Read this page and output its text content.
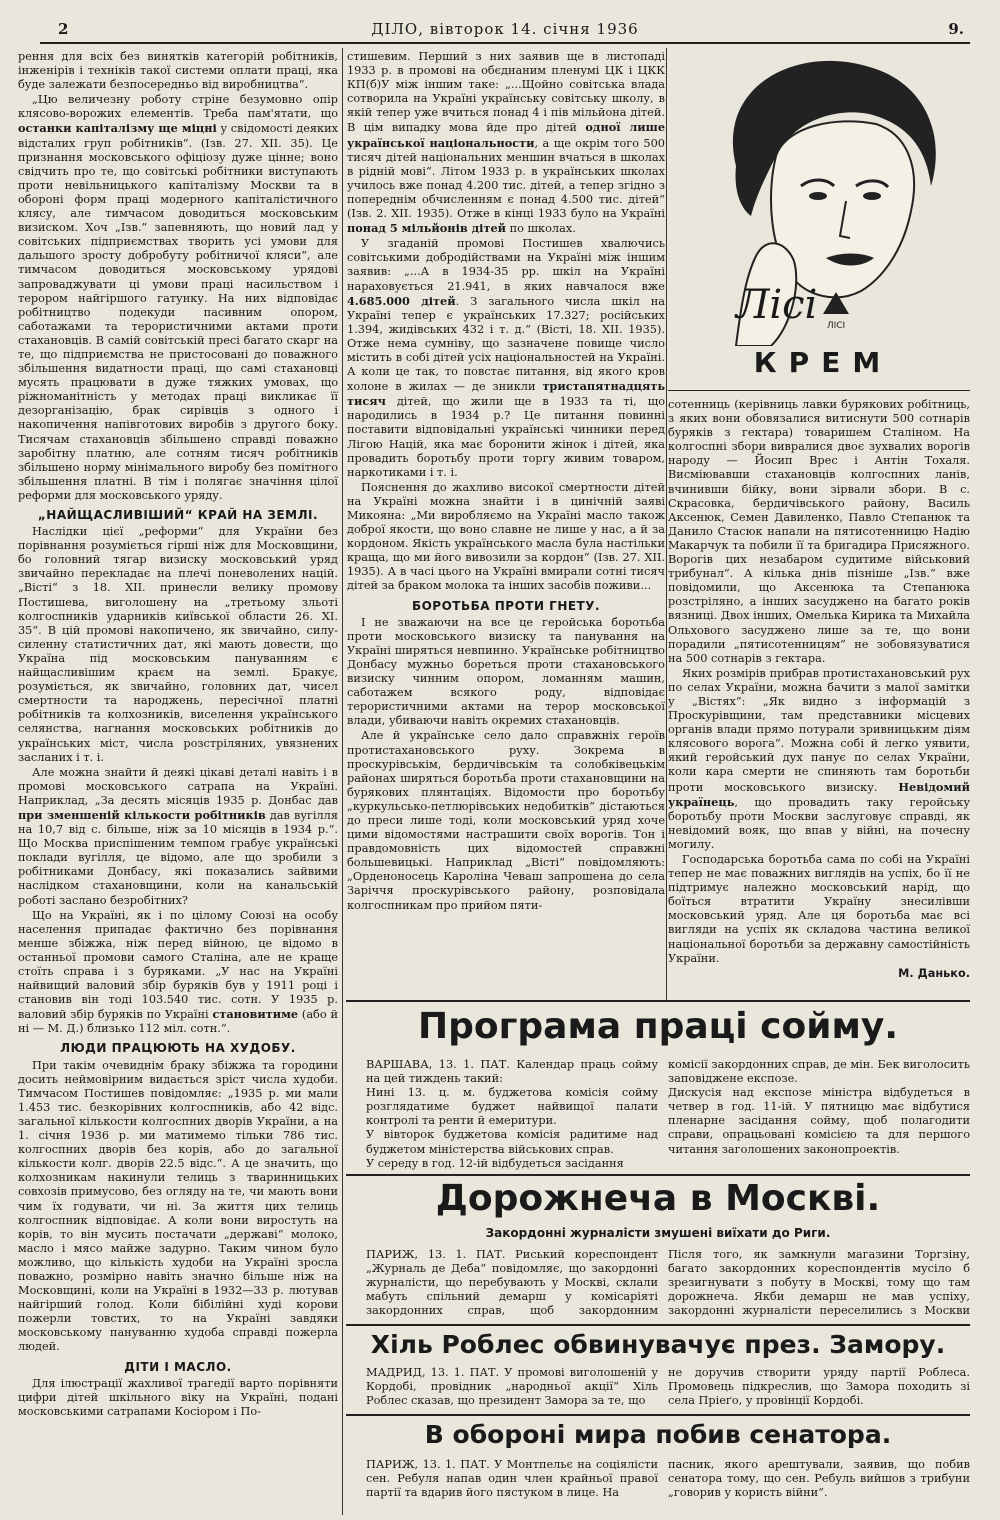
2	ДІЛО, вівторок 14. січня 1936	9.

рення для всіх без винятків категорій робітників, інженірів і техніків такої системи оплати праці, яка буде залежати безпосередньо від виробництва“.

„Цю величезну роботу стріне безумовно опір клясово-ворожих елементів. Треба пам'ятати, що останки капіталізму ще міцні у свідомості деяких відсталих груп робітників“. (Ізв. 27. XII. 35). Це признання московського офіціозу дуже цінне; воно свідчить про те, що совітські робітники виступають проти невільницького капіталізму Москви та в обороні форм праці модерного капіталістичного клясу, але тимчасом доводиться московським визиском. Хоч „Ізв.“ запевняють, що новий лад у совітських підприємствах творить усі умови для дальшого зросту добробуту робітничої кляси“, але тимчасом доводиться московському урядові запроваджувати ці умови праці насильством і терором найгіршого гатунку. На них відповідає робітництво подекуди пасивним опором, саботажами та терористичними актами проти стахановців. В самій совітській пресі багато скарг на те, що підприємства не пристосовані до поважного збільшення видатности праці, що самі стахановці мусять працювати в дуже тяжких умовах, що ріжноманітність у методах праці викликає її дезорганізацію, брак сирівців з одного і накопичення напівготових виробів з другого боку. Тисячам стахановців збільшено справді поважно заробітну платню, але сотням тисяч робітників збільшено норму мінімального виробу без помітного збільшення платні. В тім і полягає значіння цілої реформи для московського уряду.

„НАЙЩАСЛИВІШИЙ“ КРАЙ НА ЗЕМЛІ.

Наслідки цієї „реформи“ для України без порівнання розуміється гірші ніж для Московщини, бо головний тягар визиску московський уряд звичайно перекладає на плечі поневолених націй. „Вісті“ з 18. XII. принесли велику промову Постишева, виголошену на „третьому зльоті колгоспників ударників київської области 26. XI. 35“. В цій промові накопичено, як звичайно, силу-силенну статистичних дат, які мають довести, що Україна під московським пануванням є найщасливішим краєм на землі. Бракує, розуміється, як звичайно, головних дат, чисел смертности та народжень, пересічної платні робітників та колхозників, виселення українського селянства, нагнання московських робітників до українських міст, числа розстріляних, увязнених засланих і т. і.

Але можна знайти й деякі цікаві деталі навіть і в промові московського сатрапа на Україні. Наприклад, „За десять місяців 1935 р. Донбас дав при зменшеній кількости робітників дав вугілля на 10,7 від с. більше, ніж за 10 місяців в 1934 р.“. Що Москва приспішеним темпом грабує українські поклади вугілля, це відомо, але що зробили з робітниками Донбасу, які показались зайвими наслідком стахановщини, коли на канальській роботі заслано безробітних?

Що на Україні, як і по цілому Союзі на особу населення припадає фактично без порівнання менше збіжжа, ніж перед війною, це відомо в останньої промови самого Сталіна, але не краще стоїть справа і з буряками. „У нас на Україні найвищий валовий збір буряків був у 1911 році і становив він тоді 103.540 тис. сотн. У 1935 р. валовий збір буряків по Україні становитиме (або й ні — М. Д.) близько 112 міл. сотн.“.

ЛЮДИ ПРАЦЮЮТЬ НА ХУДОБУ.

При такім очевиднім браку збіжжа та городини досить неймовірним видається зріст числа худоби. Тимчасом Постишев повідомляє: „1935 р. ми мали 1.453 тис. безкорівних колгоспників, або 42 відс. загальної кількости колгоспних дворів України, а на 1. січня 1936 р. ми матимемо тільки 786 тис. колгоспних дворів без корів, або до загальної кількости колг. дворів 22.5 відс.“. А це значить, що колхозникам накинули телиць з тваринницьких совхозів примусово, без огляду на те, чи мають вони чим їх годувати, чи ні. За життя цих телиць колгоспник відповідає. А коли вони виростуть на корів, то він мусить постачати „державі“ молоко, масло і мясо майже задурно. Таким чином було можливо, що кількість худоби на Україні зросла поважно, розмірно навіть значно більше ніж на Московщині, коли на Україні в 1932—33 р. лютував найгірший голод. Коли бібілійні худі корови пожерли товстих, то на Україні завдяки московському пануванню худоба справді пожерла людей.

ДІТИ І МАСЛО.

Для ілюстрації жахливої трагедії варто порівняти цифри дітей шкільного віку на Україні, подані московськими сатрапами Косіором і По-

стишевим. Перший з них заявив ще в листопаді 1933 р. в промові на обєднаним пленумі ЦК і ЦКК КП(б)У між іншим таке: „...Щойно совітська влада сотворила на Україні українську совітську школу, в якій тепер уже вчиться понад 4 і пів мільйона дітей. В цім випадку мова йде про дітей одної лише української національности, а ще окрім того 500 тисяч дітей національних меншин вчаться в школах в рідній мові“. Літом 1933 р. в українських школах училось вже понад 4.200 тис. дітей, а тепер згідно з попереднім обчисленням є понад 4.500 тис. дітей“ (Ізв. 2. XII. 1935). Отже в кінці 1933 було на Україні понад 5 мільйонів дітей по школах.

У згаданій промові Постишев хвалючись совітськими добродійствами на Україні між іншим заявив: „...А в 1934-35 рр. шкіл на Україні нараховується 21.941, в яких навчалося вже 4.685.000 дітей. З загального числа шкіл на Україні тепер є українських 17.327; російських 1.394, жидівських 432 і т. д.“ (Вісті, 18. XII. 1935). Отже нема сумніву, що зазначене повище число містить в собі дітей усіх національностей на Україні. А коли це так, то повстає питання, від якого кров холоне в жилах — де зникли тристапятнадцять тисяч дітей, що жили ще в 1933 та ті, що народились в 1934 р.? Це питання повинні поставити відповідальні українські чинники перед Лігою Націй, яка має боронити жінок і дітей, яка провадить боротьбу проти торгу живим товаром, наркотиками і т. і.

Пояснення до жахливо високої смертности дітей на Україні можна знайти і в цинічній заяві Микояна: „Ми виробляємо на Україні масло також доброї якости, що воно славне не лише у нас, а й за кордоном. Якість українського масла була настільки краща, що ми його вивозили за кордон“ (Ізв. 27. XII. 1935). А в часі цього на Україні вмирали сотні тисяч дітей за браком молока та інших засобів поживи...

БОРОТЬБА ПРОТИ ГНЕТУ.

І не зважаючи на все це геройська боротьба проти московського визиску та панування на Україні ширяться невпинно. Українське робітництво Донбасу мужньо бореться проти стахановського визиску чинним опором, ломанням машин, саботажем всякого роду, відповідає терористичними актами на терор московської влади, убиваючи навіть окремих стахановців.

Але й українське село дало справжніх героїв протистахановського руху. Зокрема в проскурівськім, бердичівськім та солобківецькім районах ширяться боротьба проти стахановщини на бурякових плянтаціях. Відомости про боротьбу „куркульсько-петлюрівських недобитків“ дістаються до преси лише тоді, коли московський уряд хоче цими відомостями настрашити своїх ворогів. Тон і правдомовність цих відомостей справжні большевицькі. Наприклад „Вісті“ повідомляють: „Орденоносець Кароліна Чеваш запрошена до села Заріччя проскурівського району, розповідала колгоспникам про прийом пяти-

ЛІСІ
Лісі
КРЕМ

сотенниць (керівниць лавки бурякових робітниць, з яких вони обовязалися витиснути 500 сотнарів буряків з гектара) товаришем Сталіном. На колгоспні збори вивралися двоє зухвалих ворогів народу — Йосип Врес і Антін Тохаля. Висміювавши стахановців колгоспних ланів, вчинивши бійку, вони зірвали збори. В с. Скрасовка, бердичівського району, Василь Аксенюк, Семен Давиленко, Павло Степанюк та Данило Стасюк напали на пятисотенницю Надію Макарчук та побили її та бригадира Присяжного. Ворогів цих незабаром судитиме військовий трибунал“. А кілька днів пізніше „Ізв.“ вже повідомили, що Аксенюка та Степанюка розстріляно, а інших засуджено на багато років вязниці. Двох інших, Омелька Кирика та Михайла Ольхового засуджено лише за те, що вони порадили „пятисотенницям“ не зобовязуватися на 500 сотнарів з гектара.

Яких розмірів прибрав протистахановський рух по селах України, можна бачити з малої замітки у „Вістях“: „Як видно з інформацій з Проскурівщини, там представники місцевих органів влади прямо потурали зривницьким діям клясового ворога“. Можна собі й легко уявити, який геройський дух панує по селах України, коли кара смерти не спиняють там боротьби проти московського визиску. Невідомий українець, що провадить таку геройську боротьбу проти Москви заслуговує справді, як невідомий вояк, що впав у війні, на почесну могилу.

Господарська боротьба сама по собі на Україні тепер не має поважних виглядів на успіх, бо її не підтримує належно московський нарід, що боїться втратити Україну знесилівши московський уряд. Але ця боротьба має всі вигляди на успіх як складова частина великої національної боротьби за державну самостійність України.

М. Данько.
Програма праці сойму.
ВАРШАВА, 13. 1. ПАТ. Календар праць сойму на цей тиждень такий:
Нині 13. ц. м. буджетова комісія сойму розглядатиме буджет найвищої палати контролі та ренти й емеритури.
У вівторок буджетова комісія радитиме над буджетом міністерства військових справ.
У середу в год. 12-ій відбудеться засідання
комісії закордонних справ, де мін. Бек виголосить заповіджене експозе.
Дискусія над експозе міністра відбудеться в четвер в год. 11-ій. У пятницю має відбутися пленарне засідання сойму, щоб полагодити справи, опрацьовані комісією та для першого читання заголошених законопроектів.
Дорожнеча в Москві.
Закордонні журналісти змушені виїхати до Риги.
ПАРИЖ, 13. 1. ПАТ. Риський кореспондент „Журналь де Деба“ повідомляє, що закордонні журналісти, що перебувають у Москві, склали мабуть спільний демарш у комісаріяті закордонних справ, щоб закордонним
Після того, як замкнули магазини Торгзіну, багато закордонних кореспондентів мусіло б зрезигнувати з побуту в Москві, тому що там дорожнеча. Якби демарш не мав успіху, закордонні журналісти переселились з Москви
Хіль Роблес обвинувачує през. Замору.
МАДРИД, 13. 1. ПАТ. У промові виголошеній у Кордобі, провідник „народньої акції“ Хіль Роблес сказав, що президент Замора за те, що
не доручив створити уряду партії Роблеса. Промовець підкреслив, що Замора походить зі села Пріеґо, у провінції Кордобі.
В обороні мира побив сенатора.
ПАРИЖ, 13. 1. ПАТ. У Монтпельє на соціялісти сен. Ребуля напав один член крайньої правої партії та вдарив його пястуком в лице. На
пасник, якого арештували, заявив, що побив сенатора тому, що сен. Ребуль вийшов з трибуни „говорив у користь війни“.
